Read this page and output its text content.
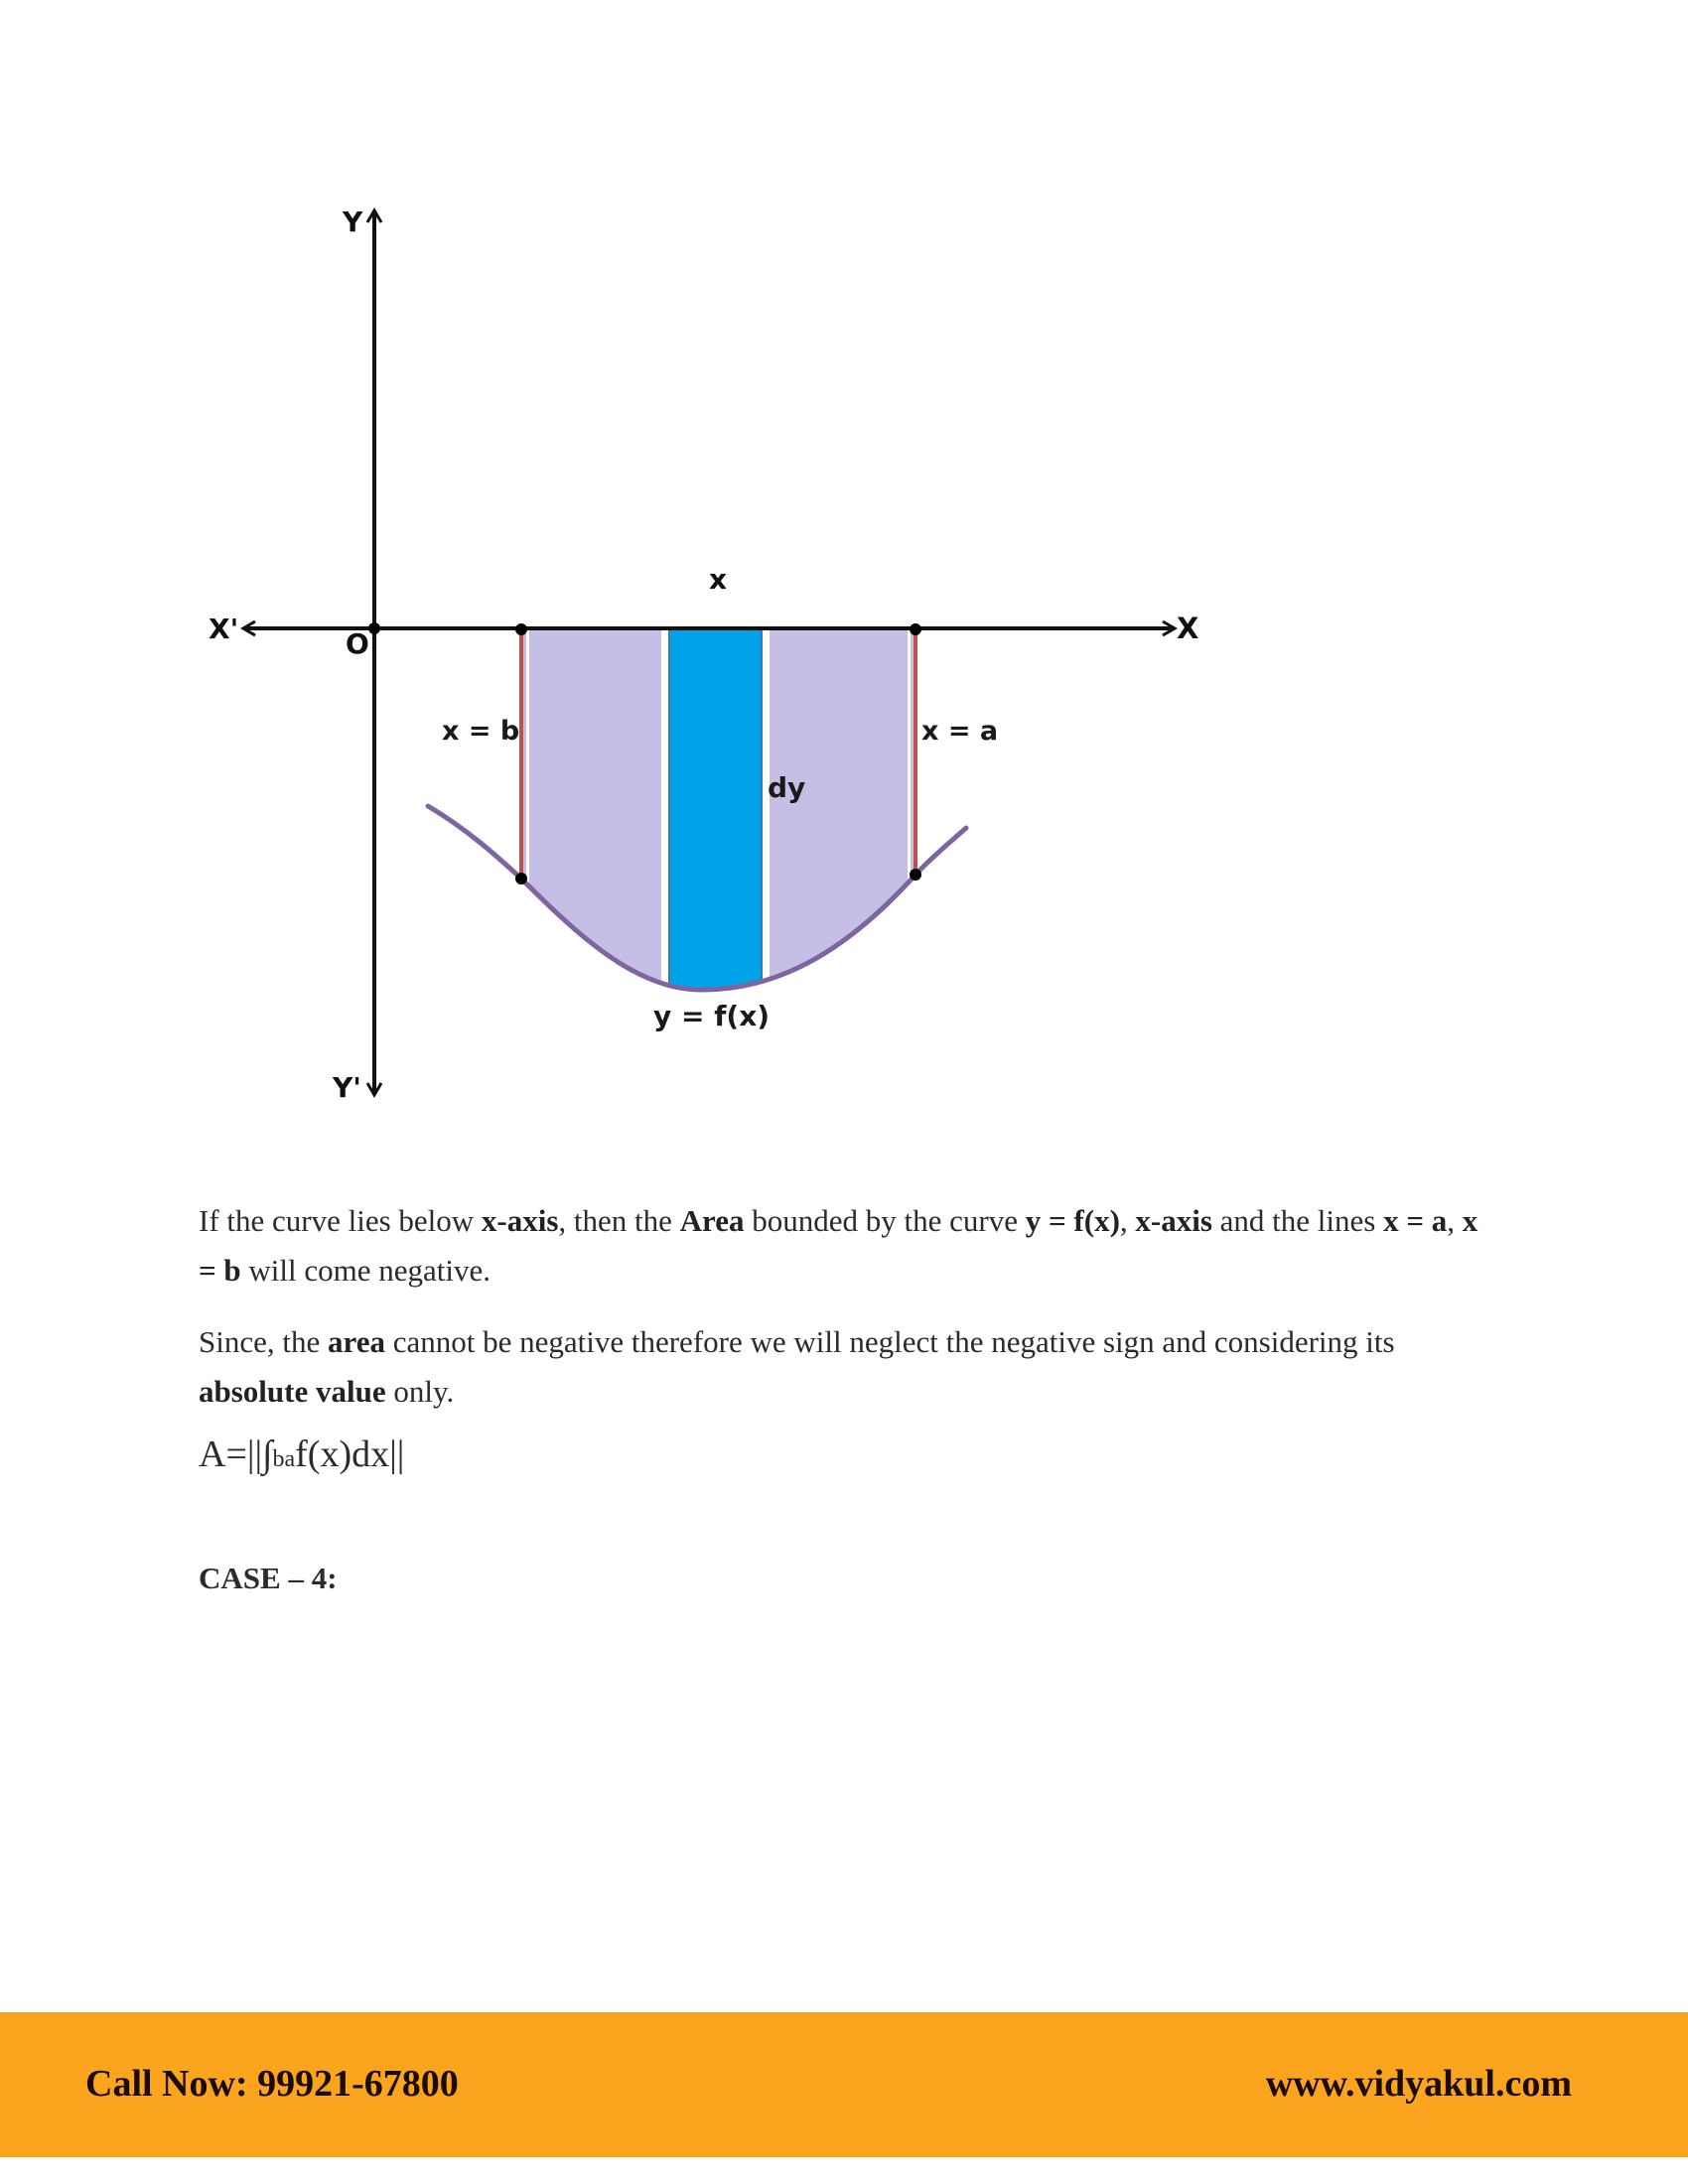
Y
Y'
X
X'	O
x
x = b	x = a
dy
y = f(x)

If the curve lies below x-axis, then the Area bounded by the curve y = f(x), x-axis and the lines x = a, x = b will come negative.

Since, the area cannot be negative therefore we will neglect the negative sign and considering its absolute value only.

A=||∫baf(x)dx||
CASE – 4:
Call Now: 99921-67800	www.vidyakul.com
